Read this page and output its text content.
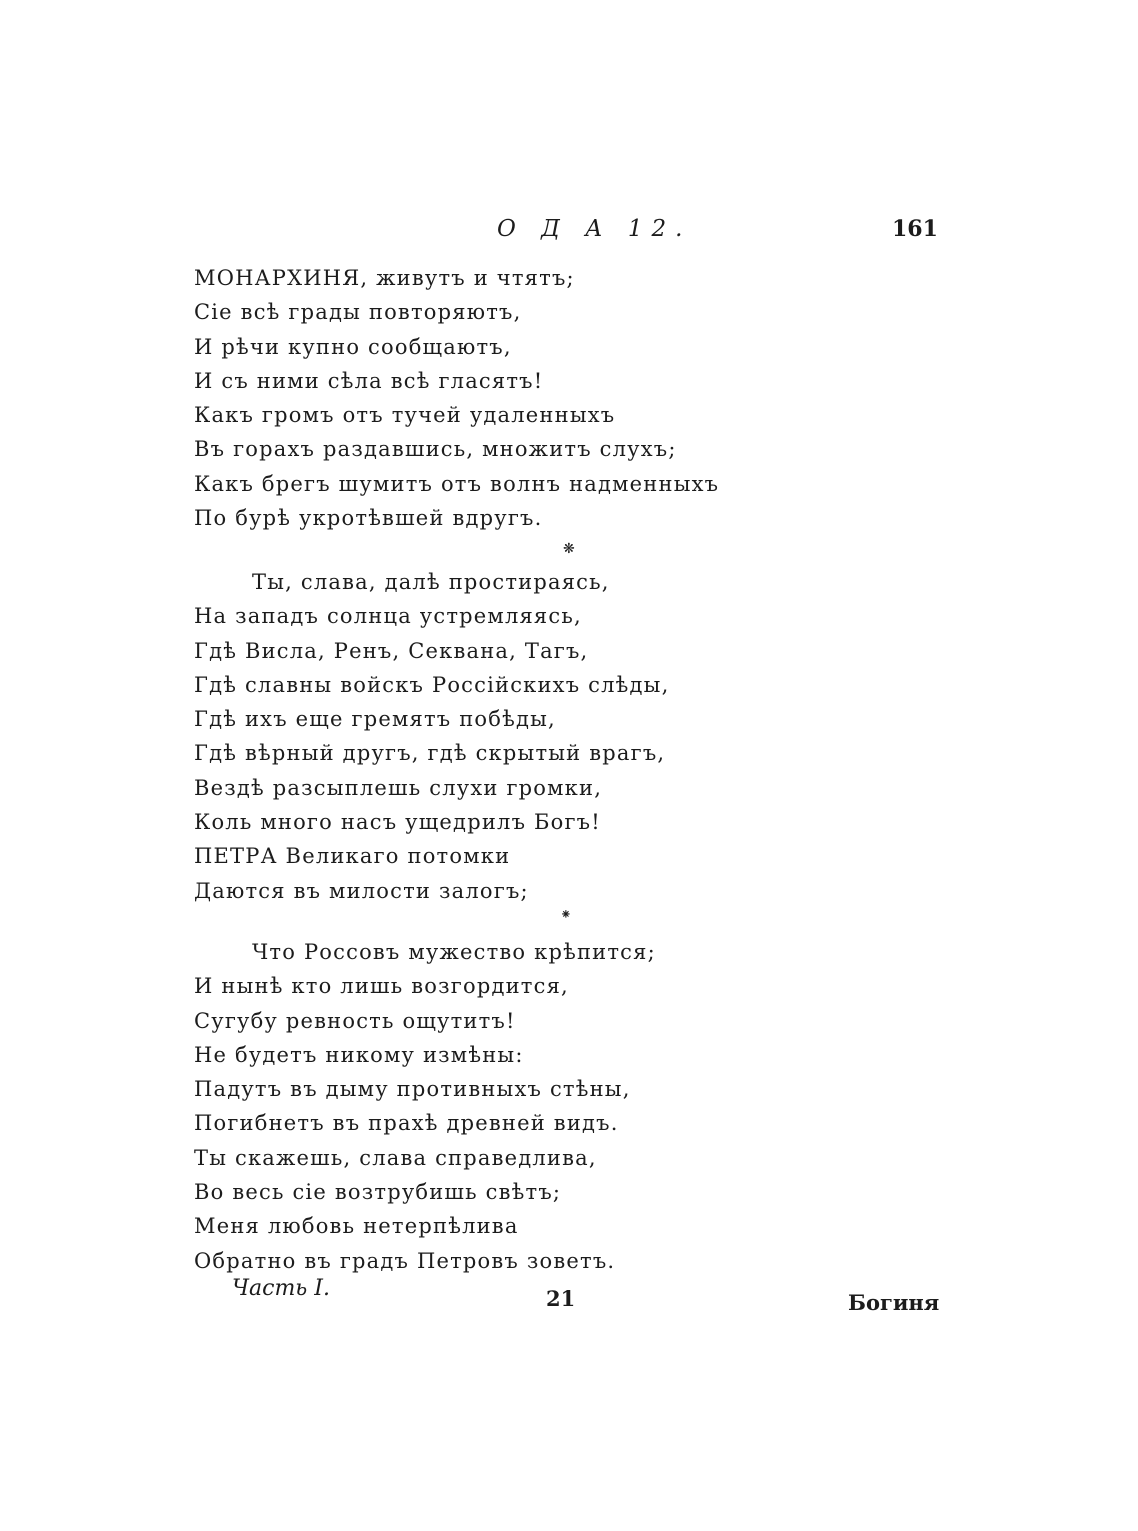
О Д А 12.	161
МОНАРХИНЯ, живутъ и чтятъ;
Сіе всѣ грады повторяютъ,
И рѣчи купно сообщаютъ,
И съ ними сѣла всѣ гласятъ!
Какъ громъ отъ тучей удаленныхъ
Въ горахъ раздавшись, множитъ слухъ;
Какъ брегъ шумитъ отъ волнъ надменныхъ
По бурѣ укротѣвшей вдругъ.
❋
Ты, слава, далѣ простираясь,
На западъ солнца устремляясь,
Гдѣ Висла, Ренъ, Секвана, Тагъ,
Гдѣ славны войскъ Россійскихъ слѣды,
Гдѣ ихъ еще гремятъ побѣды,
Гдѣ вѣрный другъ, гдѣ скрытый врагъ,
Вездѣ разсыплешь слухи громки,
Коль много насъ ущедрилъ Богъ!
ПЕТРА Великаго потомки
Даются въ милости залогъ;
⁕
Что Россовъ мужество крѣпится;
И нынѣ кто лишь возгордится,
Сугубу ревность ощутитъ!
Не будетъ никому измѣны:
Падутъ въ дыму противныхъ стѣны,
Погибнетъ въ прахѣ древней видъ.
Ты скажешь, слава справедлива,
Во весь сіе возтрубишь свѣтъ;
Меня любовь нетерпѣлива
Обратно въ градъ Петровъ зоветъ.
Часть I.	21	Богиня
